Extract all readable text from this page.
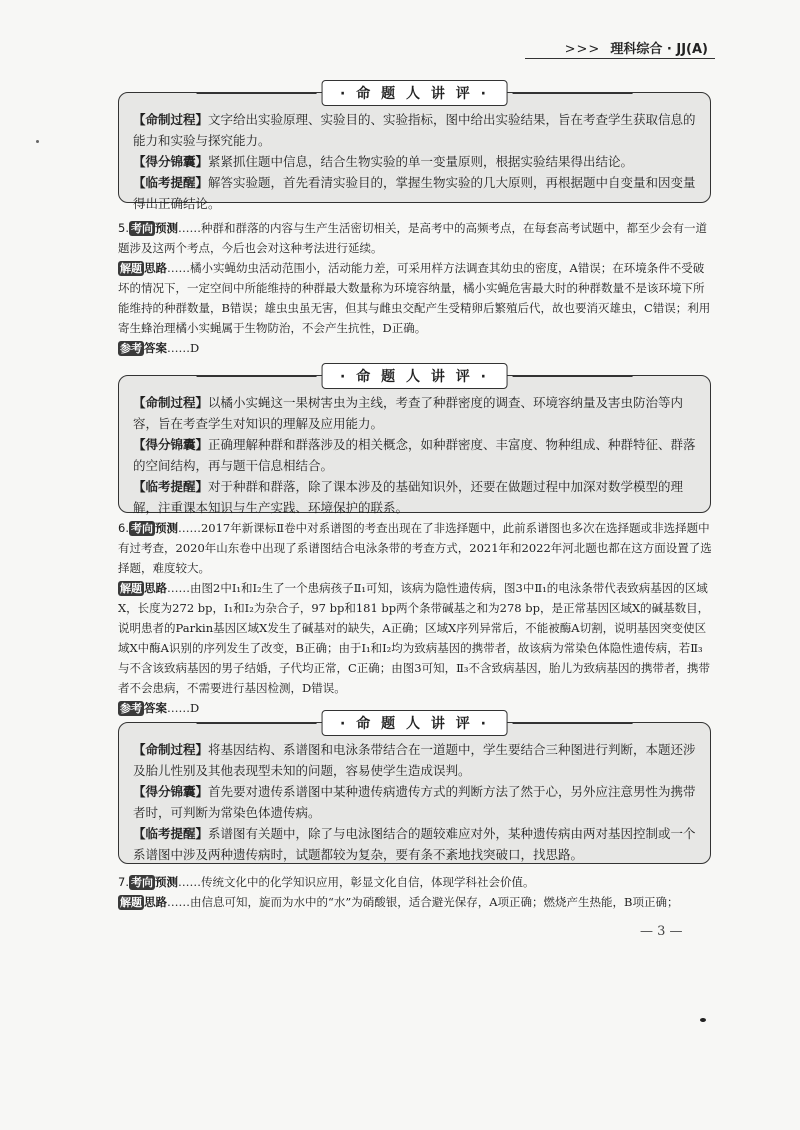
>>> 理科综合 · JJ(A)
· 命 题 人 讲 评 ·

【命制过程】文字给出实验原理、实验目的、实验指标，图中给出实验结果，旨在考查学生获取信息的能力和实验与探究能力。

【得分锦囊】紧紧抓住题中信息，结合生物实验的单一变量原则，根据实验结果得出结论。

【临考提醒】解答实验题，首先看清实验目的，掌握生物实验的几大原则，再根据题中自变量和因变量得出正确结论。

5. 考向 预测……种群和群落的内容与生产生活密切相关，是高考中的高频考点，在每套高考试题中，都至少会有一道题涉及这两个考点，今后也会对这种考法进行延续。

解题 思路……橘小实蝇幼虫活动范围小，活动能力差，可采用样方法调查其幼虫的密度，A错误；在环境条件不受破坏的情况下，一定空间中所能维持的种群最大数量称为环境容纳量，橘小实蝇危害最大时的种群数量不是该环境下所能维持的种群数量，B错误；雄虫虫虽无害，但其与雌虫交配产生受精卵后繁殖后代，故也要消灭雄虫，C错误；利用寄生蜂治理橘小实蝇属于生物防治，不会产生抗性，D正确。

参考 答案……D

· 命 题 人 讲 评 ·

【命制过程】以橘小实蝇这一果树害虫为主线，考查了种群密度的调查、环境容纳量及害虫防治等内容，旨在考查学生对知识的理解及应用能力。

【得分锦囊】正确理解种群和群落涉及的相关概念，如种群密度、丰富度、物种组成、种群特征、群落的空间结构，再与题干信息相结合。

【临考提醒】对于种群和群落，除了课本涉及的基础知识外，还要在做题过程中加深对数学模型的理解，注重课本知识与生产实践、环境保护的联系。

6. 考向 预测……2017年新课标Ⅱ卷中对系谱图的考查出现在了非选择题中，此前系谱图也多次在选择题或非选择题中有过考查，2020年山东卷中出现了系谱图结合电泳条带的考查方式，2021年和2022年河北题也都在这方面设置了选择题，难度较大。

解题 思路……由图2中Ⅰ₁和Ⅰ₂生了一个患病孩子Ⅱ₁可知，该病为隐性遗传病，图3中Ⅱ₁的电泳条带代表致病基因的区域X，长度为272 bp，Ⅰ₁和Ⅰ₂为杂合子，97 bp和181 bp两个条带碱基之和为278 bp，是正常基因区域X的碱基数目，说明患者的Parkin基因区域X发生了碱基对的缺失，A正确；区域X序列异常后，不能被酶A切割，说明基因突变使区域X中酶A识别的序列发生了改变，B正确；由于Ⅰ₁和Ⅰ₂均为致病基因的携带者，故该病为常染色体隐性遗传病，若Ⅱ₃与不含该致病基因的男子结婚，子代均正常，C正确；由图3可知，Ⅱ₃不含致病基因，胎儿为致病基因的携带者，携带者不会患病，不需要进行基因检测，D错误。

参考 答案……D

· 命 题 人 讲 评 ·

【命制过程】将基因结构、系谱图和电泳条带结合在一道题中，学生要结合三种图进行判断，本题还涉及胎儿性别及其他表现型未知的问题，容易使学生造成误判。

【得分锦囊】首先要对遗传系谱图中某种遗传病遗传方式的判断方法了然于心，另外应注意男性为携带者时，可判断为常染色体遗传病。

【临考提醒】系谱图有关题中，除了与电泳图结合的题较难应对外，某种遗传病由两对基因控制或一个系谱图中涉及两种遗传病时，试题都较为复杂，要有条不紊地找突破口，找思路。

7. 考向 预测……传统文化中的化学知识应用，彰显文化自信，体现学科社会价值。

解题 思路……由信息可知，旋而为水中的“水”为硝酸银，适合避光保存，A项正确；燃烧产生热能，B项正确；

— 3 —
